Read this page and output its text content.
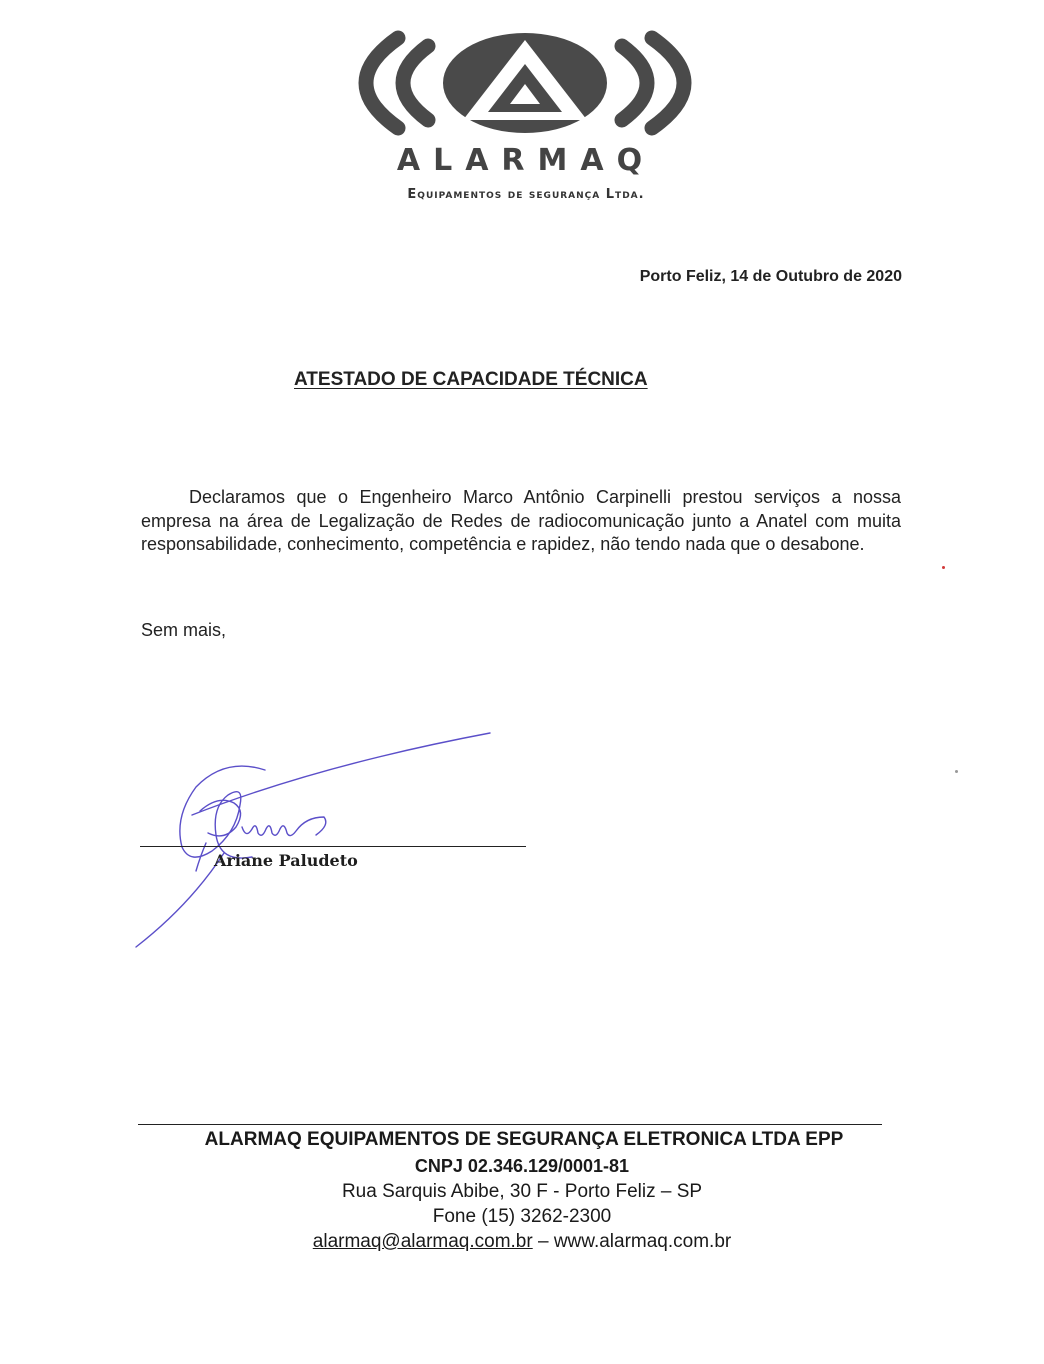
ALARMAQ
Equipamentos de segurança Ltda.
Porto Feliz, 14 de Outubro de 2020
ATESTADO DE CAPACIDADE TÉCNICA

Declaramos que o Engenheiro Marco Antônio Carpinelli prestou serviços a nossa empresa na área de Legalização de Redes de radiocomunicação junto a Anatel com muita responsabilidade, conhecimento, competência e rapidez, não tendo nada que o desabone.

Sem mais,
Ariane Paludeto
ALARMAQ EQUIPAMENTOS DE SEGURANÇA ELETRONICA LTDA EPP
CNPJ 02.346.129/0001-81
Rua Sarquis Abibe, 30 F - Porto Feliz – SP
Fone (15) 3262-2300
alarmaq@alarmaq.com.br – www.alarmaq.com.br
